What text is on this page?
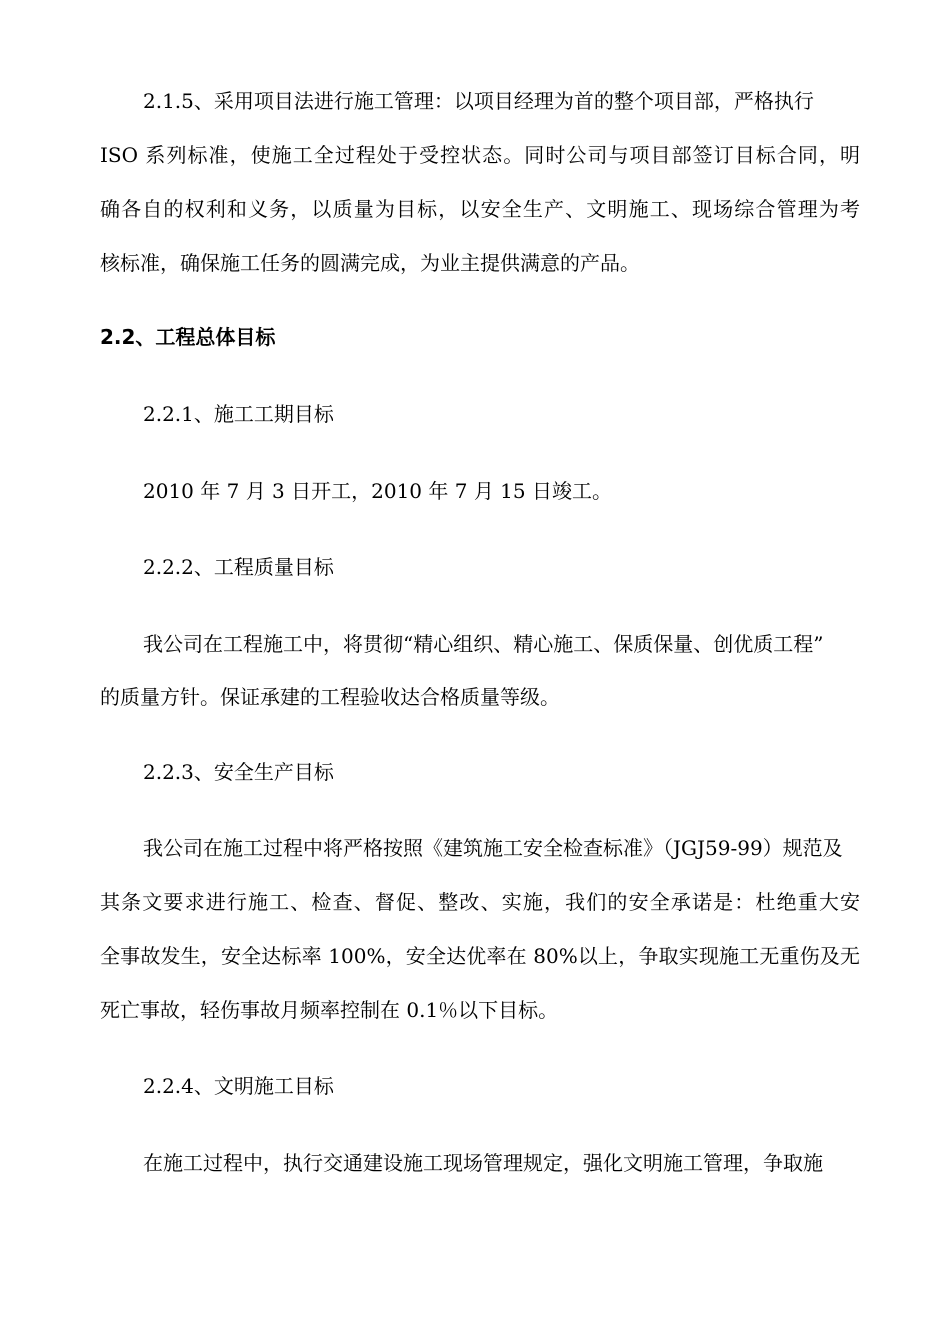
2.1.5、采用项目法进行施工管理：以项目经理为首的整个项目部，严格执行
ISO 系列标准，使施工全过程处于受控状态。同时公司与项目部签订目标合同，明
确各自的权利和义务，以质量为目标，以安全生产、文明施工、现场综合管理为考
核标准，确保施工任务的圆满完成，为业主提供满意的产品。
2.2、工程总体目标
2.2.1、施工工期目标
2010 年 7 月 3 日开工，2010 年 7 月 15 日竣工。
2.2.2、工程质量目标
我公司在工程施工中，将贯彻“精心组织、精心施工、保质保量、创优质工程”
的质量方针。保证承建的工程验收达合格质量等级。
2.2.3、安全生产目标
我公司在施工过程中将严格按照《建筑施工安全检查标准》（JGJ59-99）规范及
其条文要求进行施工、检查、督促、整改、实施，我们的安全承诺是：杜绝重大安
全事故发生，安全达标率 100%，安全达优率在 80%以上，争取实现施工无重伤及无
死亡事故，轻伤事故月频率控制在 0.1％以下目标。
2.2.4、文明施工目标
在施工过程中，执行交通建设施工现场管理规定，强化文明施工管理，争取施
